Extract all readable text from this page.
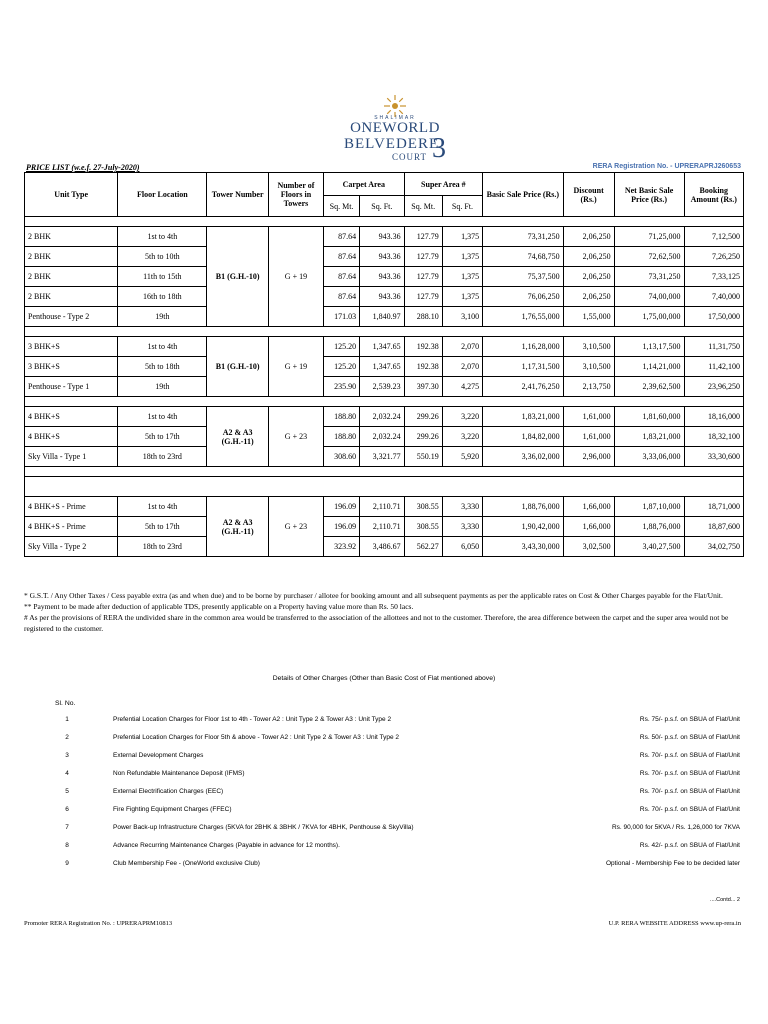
SHALIMAR
ONEWORLD
BELVEDERE
COURT 3
PRICE LIST (w.e.f. 27-July-2020)	RERA Registration No. - UPRERAPRJ260653
Unit Type	Floor Location	Tower Number	Number of Floors in Towers	Carpet Area		Super Area #		Basic Sale Price (Rs.)	Discount (Rs.)	Net Basic Sale Price (Rs.)	Booking Amount (Rs.)
				Sq. Mt.	Sq. Ft.	Sq. Mt.	Sq. Ft.				

2 BHK	1st to 4th	B1 (G.H.-10)	G + 19	87.64	943.36	127.79	1,375	73,31,250	2,06,250	71,25,000	7,12,500
2 BHK	5th to 10th			87.64	943.36	127.79	1,375	74,68,750	2,06,250	72,62,500	7,26,250
2 BHK	11th to 15th			87.64	943.36	127.79	1,375	75,37,500	2,06,250	73,31,250	7,33,125
2 BHK	16th to 18th			87.64	943.36	127.79	1,375	76,06,250	2,06,250	74,00,000	7,40,000
Penthouse - Type 2	19th			171.03	1,840.97	288.10	3,100	1,76,55,000	1,55,000	1,75,00,000	17,50,000

3 BHK+S	1st to 4th	B1 (G.H.-10)	G + 19	125.20	1,347.65	192.38	2,070	1,16,28,000	3,10,500	1,13,17,500	11,31,750
3 BHK+S	5th to 18th			125.20	1,347.65	192.38	2,070	1,17,31,500	3,10,500	1,14,21,000	11,42,100
Penthouse - Type 1	19th			235.90	2,539.23	397.30	4,275	2,41,76,250	2,13,750	2,39,62,500	23,96,250

4 BHK+S	1st to 4th	A2 & A3 (G.H.-11)	G + 23	188.80	2,032.24	299.26	3,220	1,83,21,000	1,61,000	1,81,60,000	18,16,000
4 BHK+S	5th to 17th			188.80	2,032.24	299.26	3,220	1,84,82,000	1,61,000	1,83,21,000	18,32,100
Sky Villa - Type 1	18th to 23rd			308.60	3,321.77	550.19	5,920	3,36,02,000	2,96,000	3,33,06,000	33,30,600

4 BHK+S - Prime	1st to 4th	A2 & A3 (G.H.-11)	G + 23	196.09	2,110.71	308.55	3,330	1,88,76,000	1,66,000	1,87,10,000	18,71,000
4 BHK+S - Prime	5th to 17th			196.09	2,110.71	308.55	3,330	1,90,42,000	1,66,000	1,88,76,000	18,87,600
Sky Villa - Type 2	18th to 23rd			323.92	3,486.67	562.27	6,050	3,43,30,000	3,02,500	3,40,27,500	34,02,750

* G.S.T. / Any Other Taxes / Cess payable extra (as and when due) and to be borne by purchaser / allotee for booking amount and all subsequent payments as per the applicable rates on Cost & Other Charges payable for the Flat/Unit.

** Payment to be made after deduction of applicable TDS, presently applicable on a Property having value more than Rs. 50 lacs.

# As per the provisions of RERA the undivided share in the common area would be transferred to the association of the allottees and not to the customer. Therefore, the area difference between the carpet and the super area would not be registered to the customer.

Details of Other Charges (Other than Basic Cost of Flat mentioned above)
Sl. No.
1	Prefential Location Charges for Floor 1st to 4th - Tower A2 : Unit Type 2 & Tower A3 : Unit Type 2	Rs. 75/- p.s.f. on SBUA of Flat/Unit
2	Prefential Location Charges for Floor 5th & above - Tower A2 : Unit Type 2 & Tower A3 : Unit Type 2	Rs. 50/- p.s.f. on SBUA of Flat/Unit
3	External Development Charges	Rs. 70/- p.s.f. on SBUA of Flat/Unit
4	Non Refundable Maintenance Deposit (IFMS)	Rs. 70/- p.s.f. on SBUA of Flat/Unit
5	External Electrification Charges (EEC)	Rs. 70/- p.s.f. on SBUA of Flat/Unit
6	Fire Fighting Equipment Charges (FFEC)	Rs. 70/- p.s.f. on SBUA of Flat/Unit
7	Power Back-up Infrastructure Charges (5KVA for 2BHK & 3BHK / 7KVA for 4BHK, Penthouse & SkyVilla)	Rs. 90,000 for 5KVA / Rs. 1,26,000 for 7KVA
8	Advance Recurring Maintenance Charges (Payable in advance for 12 months).	Rs. 42/- p.s.f. on SBUA of Flat/Unit
9	Club Membership Fee - (OneWorld exclusive Club)	Optional - Membership Fee to be decided later
....Contd... 2
Promoter RERA Registration No. : UPRERAPRM10813	U.P. RERA WEBSITE ADDRESS www.up-rera.in
